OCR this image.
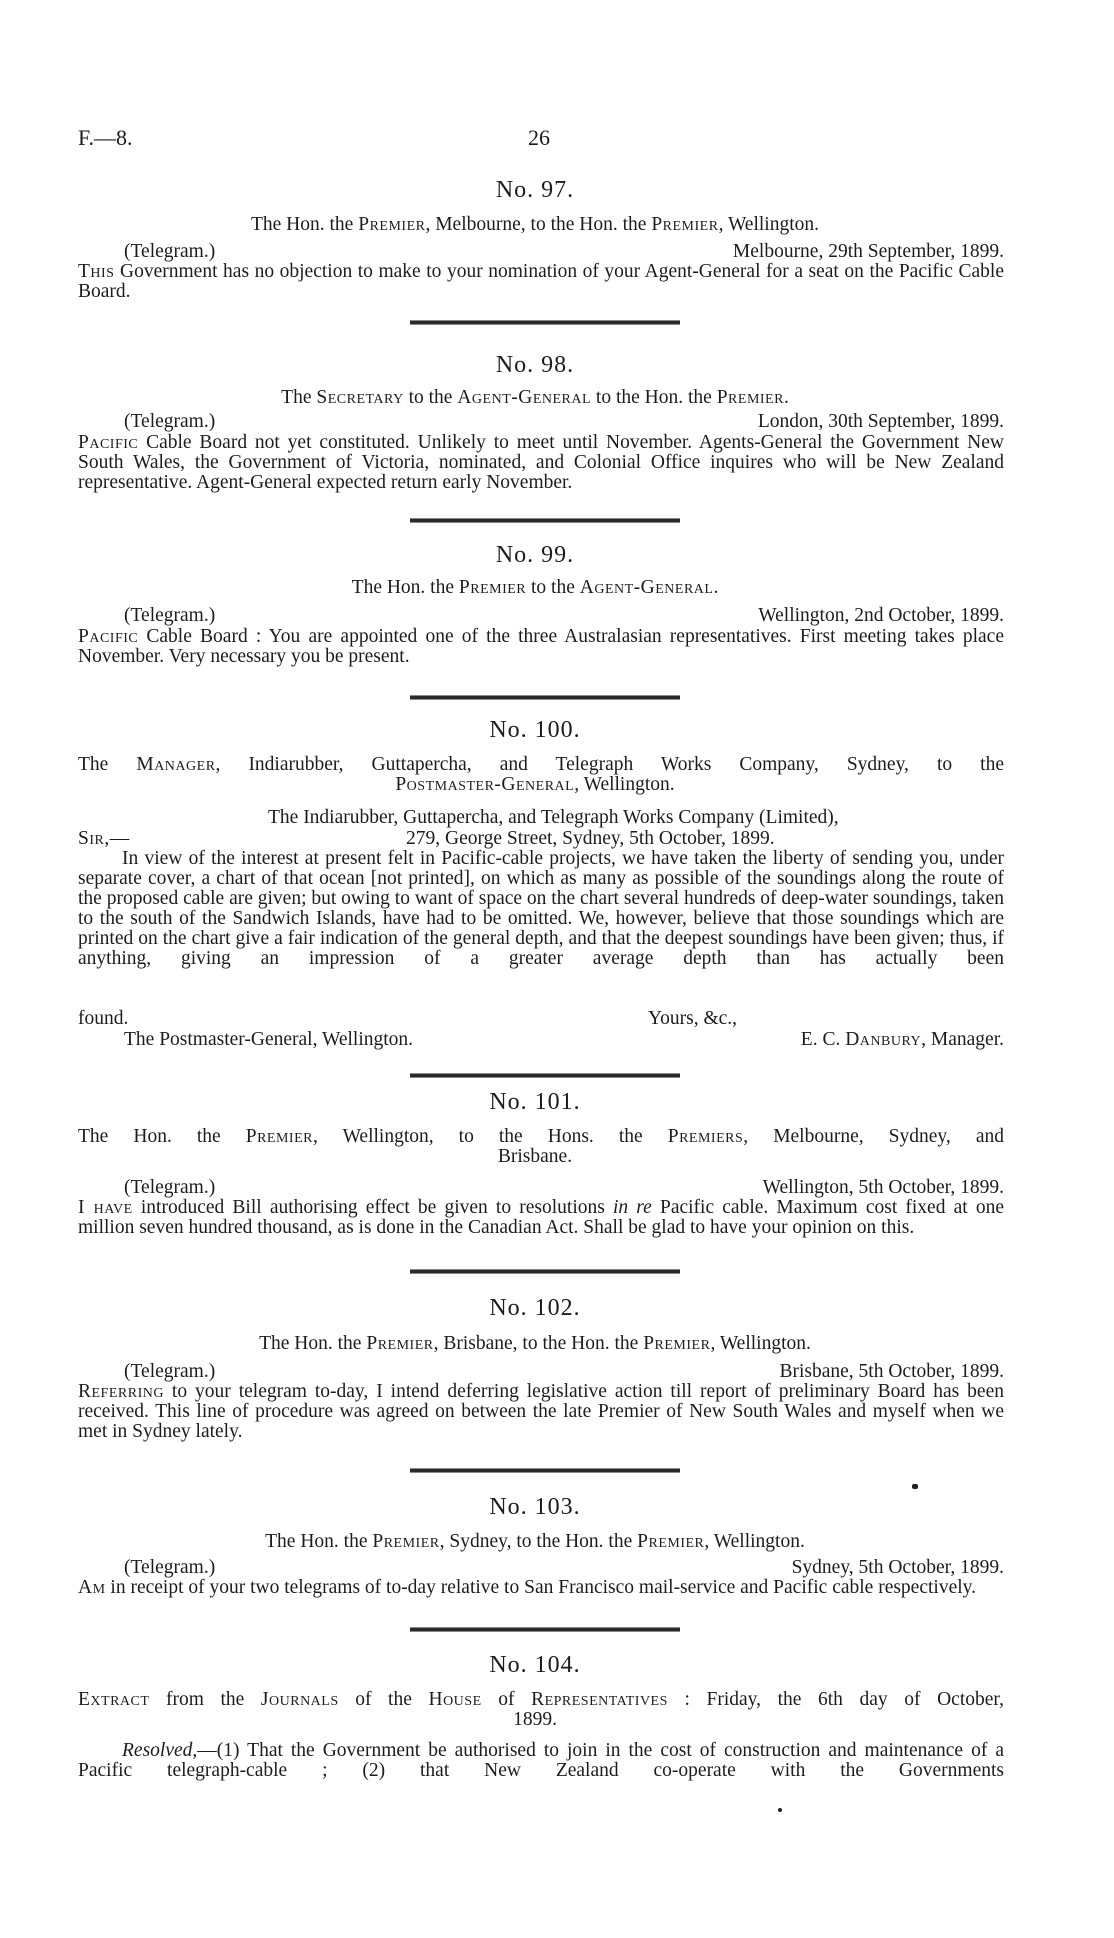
F.—8.	26
No. 97.
The Hon. the Premier, Melbourne, to the Hon. the Premier, Wellington.
(Telegram.)	Melbourne, 29th September, 1899.
This Government has no objection to make to your nomination of your Agent-General for a seat on the Pacific Cable Board.
No. 98.
The Secretary to the Agent-General to the Hon. the Premier.
(Telegram.)	London, 30th September, 1899.
Pacific Cable Board not yet constituted. Unlikely to meet until November. Agents-General the Government New South Wales, the Government of Victoria, nominated, and Colonial Office inquires who will be New Zealand representative. Agent-General expected return early November.
No. 99.
The Hon. the Premier to the Agent-General.
(Telegram.)	Wellington, 2nd October, 1899.
Pacific Cable Board : You are appointed one of the three Australasian representatives. First meeting takes place November. Very necessary you be present.
No. 100.
The Manager, Indiarubber, Guttapercha, and Telegraph Works Company, Sydney, to the
Postmaster-General, Wellington.
The Indiarubber, Guttapercha, and Telegraph Works Company (Limited),
Sir,—	279, George Street, Sydney, 5th October, 1899.
In view of the interest at present felt in Pacific-cable projects, we have taken the liberty of sending you, under separate cover, a chart of that ocean [not printed], on which as many as possible of the soundings along the route of the proposed cable are given; but owing to want of space on the chart several hundreds of deep-water soundings, taken to the south of the Sandwich Islands, have had to be omitted. We, however, believe that those soundings which are printed on the chart give a fair indication of the general depth, and that the deepest soundings have been given; thus, if anything, giving an impression of a greater average depth than has actually been
found.	Yours, &c.,
The Postmaster-General, Wellington.	E. C. Danbury, Manager.
No. 101.
The Hon. the Premier, Wellington, to the Hons. the Premiers, Melbourne, Sydney, and
Brisbane.
(Telegram.)	Wellington, 5th October, 1899.
I have introduced Bill authorising effect be given to resolutions in re Pacific cable. Maximum cost fixed at one million seven hundred thousand, as is done in the Canadian Act. Shall be glad to have your opinion on this.
No. 102.
The Hon. the Premier, Brisbane, to the Hon. the Premier, Wellington.
(Telegram.)	Brisbane, 5th October, 1899.
Referring to your telegram to-day, I intend deferring legislative action till report of preliminary Board has been received. This line of procedure was agreed on between the late Premier of New South Wales and myself when we met in Sydney lately.
No. 103.
The Hon. the Premier, Sydney, to the Hon. the Premier, Wellington.
(Telegram.)	Sydney, 5th October, 1899.
Am in receipt of your two telegrams of to-day relative to San Francisco mail-service and Pacific cable respectively.
No. 104.
Extract from the Journals of the House of Representatives : Friday, the 6th day of October,
1899.
Resolved,—(1) That the Government be authorised to join in the cost of construction and maintenance of a Pacific telegraph-cable ; (2) that New Zealand co-operate with the Governments
